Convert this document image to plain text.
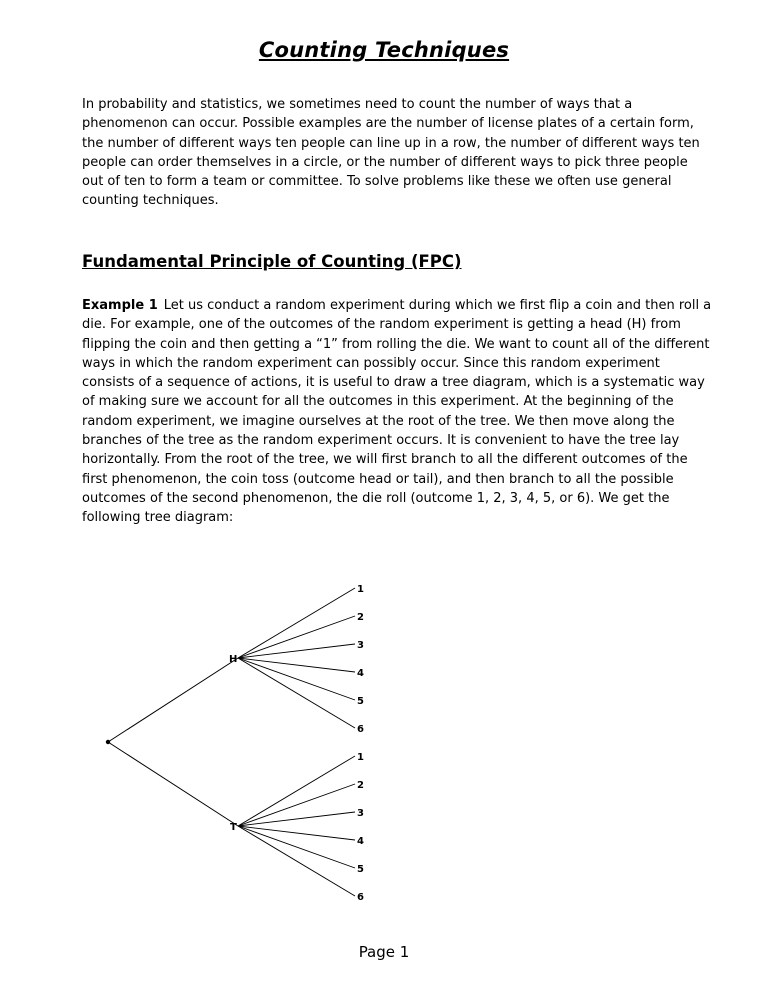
Counting Techniques

In probability and statistics, we sometimes need to count the number of ways that a phenomenon can occur. Possible examples are the number of license plates of a certain form, the number of different ways ten people can line up in a row, the number of different ways ten people can order themselves in a circle, or the number of different ways to pick three people out of ten to form a team or committee. To solve problems like these we often use general counting techniques.

Fundamental Principle of Counting (FPC)

Example 1 Let us conduct a random experiment during which we first flip a coin and then roll a die. For example, one of the outcomes of the random experiment is getting a head (H) from flipping the coin and then getting a “1” from rolling the die. We want to count all of the different ways in which the random experiment can possibly occur. Since this random experiment consists of a sequence of actions, it is useful to draw a tree diagram, which is a systematic way of making sure we account for all the outcomes in this experiment. At the beginning of the random experiment, we imagine ourselves at the root of the tree. We then move along the branches of the tree as the random experiment occurs. It is convenient to have the tree lay horizontally. From the root of the tree, we will first branch to all the different outcomes of the first phenomenon, the coin toss (outcome head or tail), and then branch to all the possible outcomes of the second phenomenon, the die roll (outcome 1, 2, 3, 4, 5, or 6). We get the following tree diagram:

H
T
1
2
3
4
5
6
1
2
3
4
5
6
Page 1
